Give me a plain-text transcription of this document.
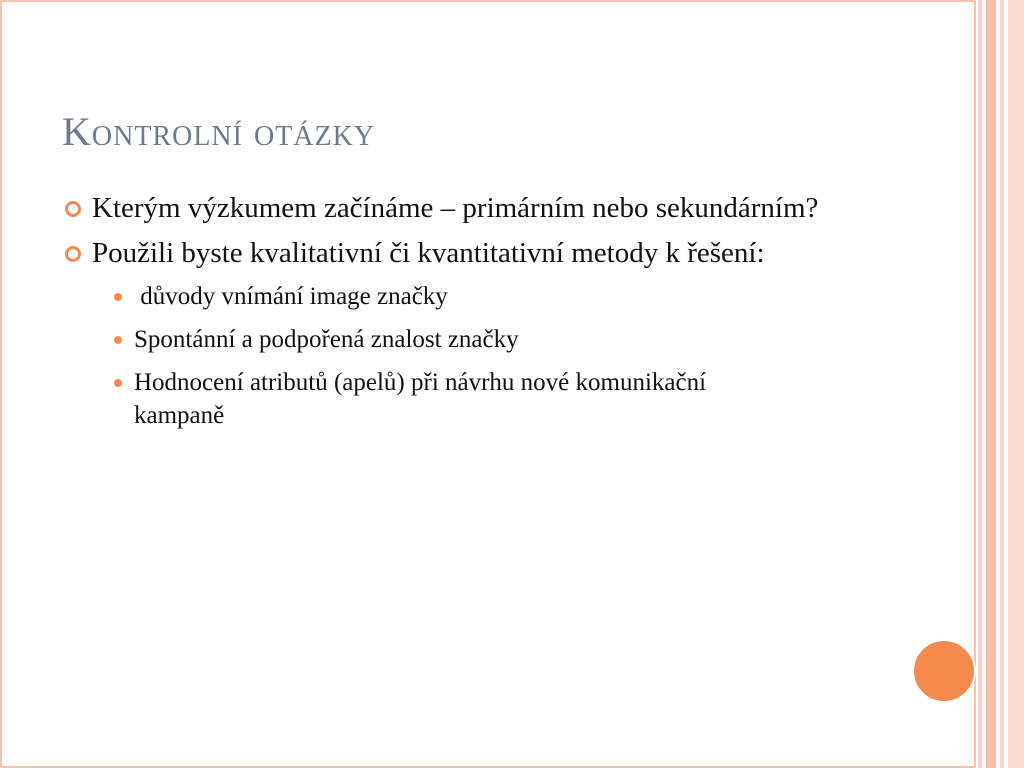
Kontrolní otázky
Kterým výzkumem začínáme – primárním nebo sekundárním?
Použili byste kvalitativní či kvantitativní metody k řešení:
důvody vnímání image značky
Spontánní a podpořená znalost značky
Hodnocení atributů (apelů) při návrhu nové komunikační kampaně
